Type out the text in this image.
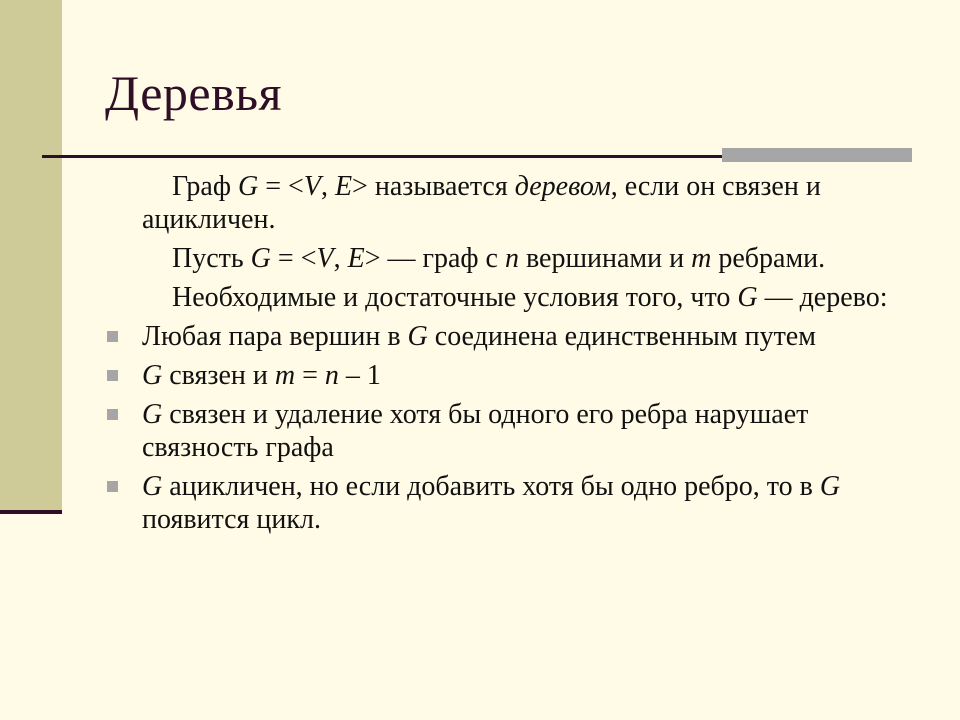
Деревья

Граф G = <V, E> называется деревом, если он связен и ацикличен.

Пусть G = <V, E> — граф с n вершинами и m ребрами.

Необходимые и достаточные условия того, что G — дерево:

Любая пара вершин в G соединена единственным путем
G связен и m = n – 1
G связен и удаление хотя бы одного его ребра нарушает связность графа
G ацикличен, но если добавить хотя бы одно ребро, то в G появится цикл.
